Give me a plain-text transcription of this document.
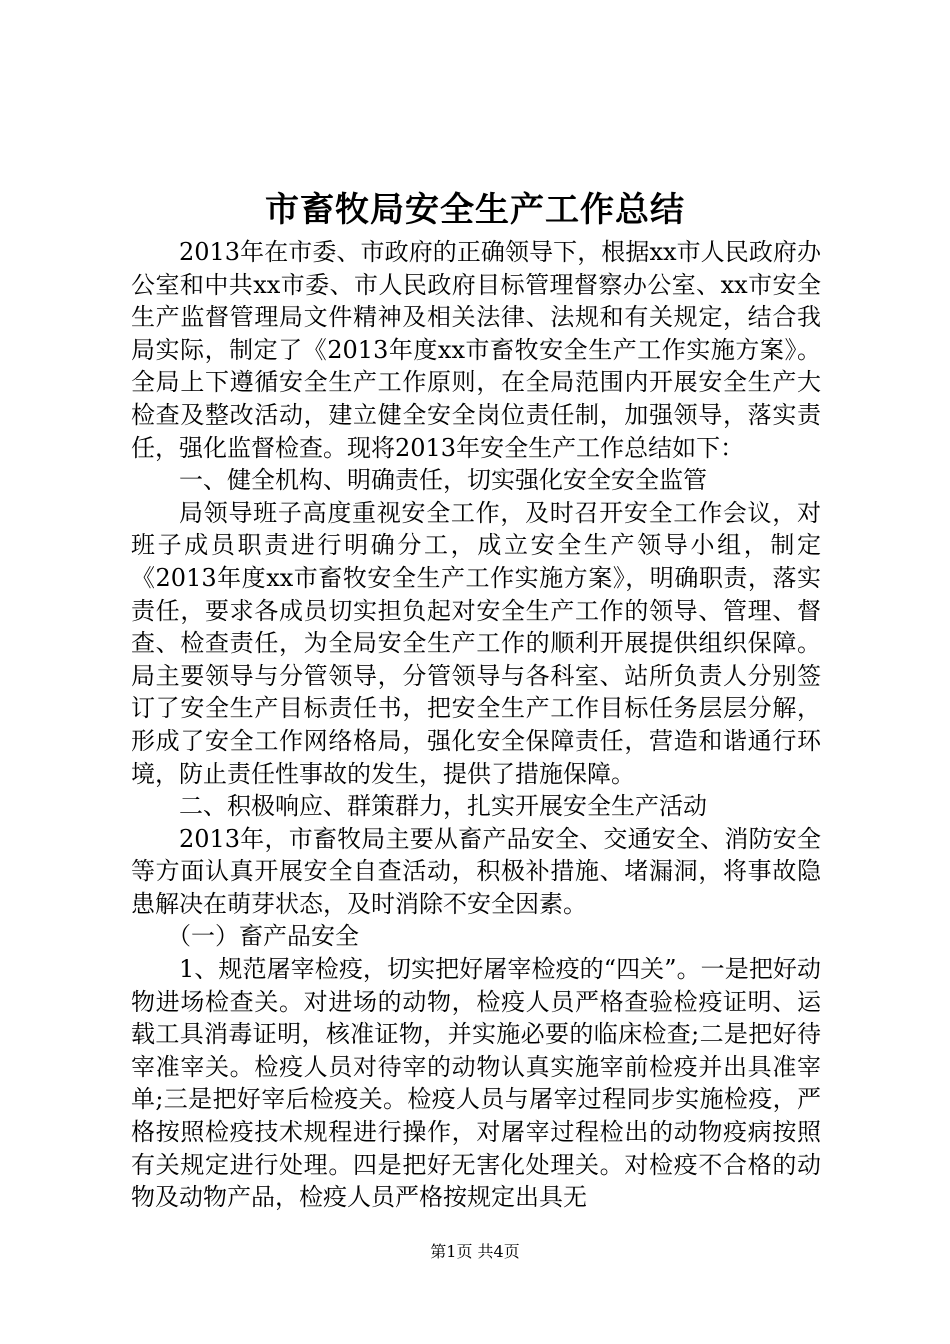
市畜牧局安全生产工作总结

2013年在市委、市政府的正确领导下，根据xx市人民政府办公室和中共xx市委、市人民政府目标管理督察办公室、xx市安全生产监督管理局文件精神及相关法律、法规和有关规定，结合我局实际，制定了《2013年度xx市畜牧安全生产工作实施方案》。全局上下遵循安全生产工作原则，在全局范围内开展安全生产大检查及整改活动，建立健全安全岗位责任制，加强领导，落实责任，强化监督检查。现将2013年安全生产工作总结如下：

一、健全机构、明确责任，切实强化安全安全监管

局领导班子高度重视安全工作，及时召开安全工作会议，对班子成员职责进行明确分工，成立安全生产领导小组，制定《2013年度xx市畜牧安全生产工作实施方案》，明确职责，落实责任，要求各成员切实担负起对安全生产工作的领导、管理、督查、检查责任，为全局安全生产工作的顺利开展提供组织保障。局主要领导与分管领导，分管领导与各科室、站所负责人分别签订了安全生产目标责任书，把安全生产工作目标任务层层分解，形成了安全工作网络格局，强化安全保障责任，营造和谐通行环境，防止责任性事故的发生，提供了措施保障。

二、积极响应、群策群力，扎实开展安全生产活动

2013年，市畜牧局主要从畜产品安全、交通安全、消防安全等方面认真开展安全自查活动，积极补措施、堵漏洞，将事故隐患解决在萌芽状态，及时消除不安全因素。

（一）畜产品安全

1、规范屠宰检疫，切实把好屠宰检疫的“四关”。一是把好动物进场检查关。对进场的动物，检疫人员严格查验检疫证明、运载工具消毒证明，核准证物，并实施必要的临床检查;二是把好待宰准宰关。检疫人员对待宰的动物认真实施宰前检疫并出具准宰单;三是把好宰后检疫关。检疫人员与屠宰过程同步实施检疫，严格按照检疫技术规程进行操作，对屠宰过程检出的动物疫病按照有关规定进行处理。四是把好无害化处理关。对检疫不合格的动物及动物产品，检疫人员严格按规定出具无

第1页 共4页
